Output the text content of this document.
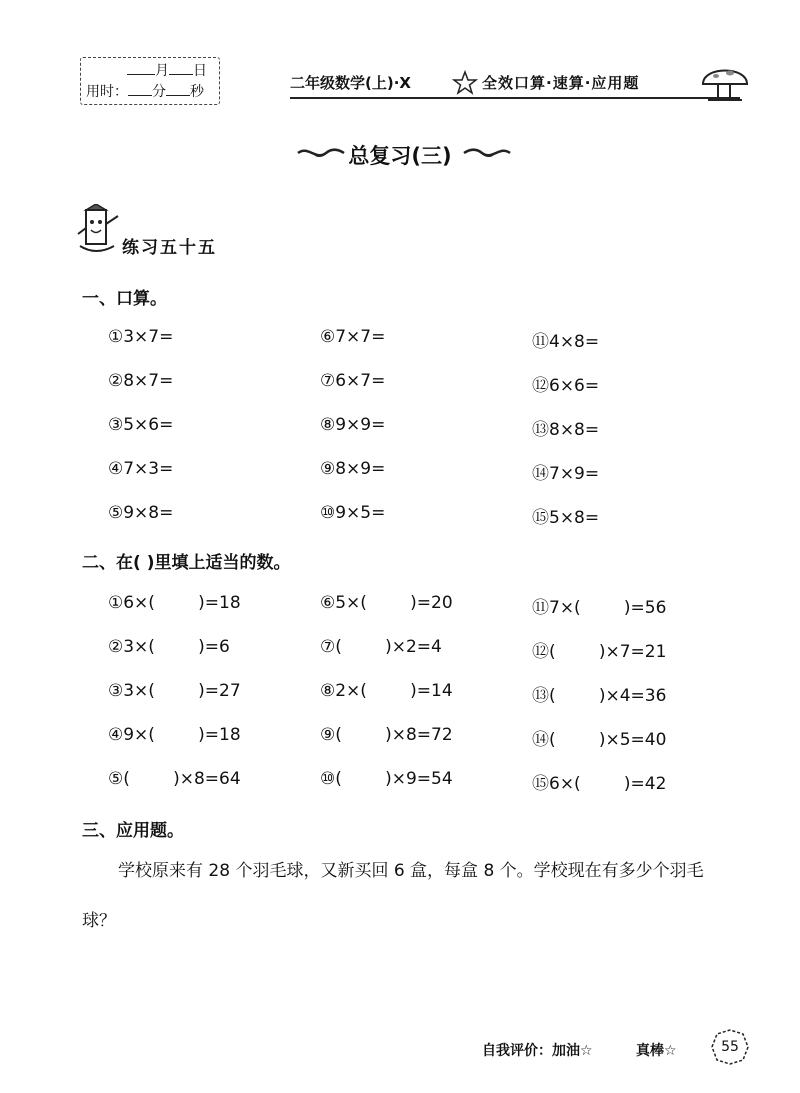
月 日
用时： 分 秒	二年级数学(上)·X	全效口算·速算·应用题
总复习(三)
练习五十五
一、口算。
①3×7=	⑥7×7=	⑪4×8=
②8×7=	⑦6×7=	⑫6×6=
③5×6=	⑧9×9=	⑬8×8=
④7×3=	⑨8×9=	⑭7×9=
⑤9×8=	⑩9×5=	⑮5×8=
二、在( )里填上适当的数。
①6×(        )=18	⑥5×(        )=20	⑪7×(        )=56
②3×(        )=6	⑦(        )×2=4	⑫(        )×7=21
③3×(        )=27	⑧2×(        )=14	⑬(        )×4=36
④9×(        )=18	⑨(        )×8=72	⑭(        )×5=40
⑤(        )×8=64	⑩(        )×9=54	⑮6×(        )=42
三、应用题。
学校原来有 28 个羽毛球，又新买回 6 盒，每盒 8 个。学校现在有多少个羽毛球？
自我评价：加油☆	真棒☆	55
